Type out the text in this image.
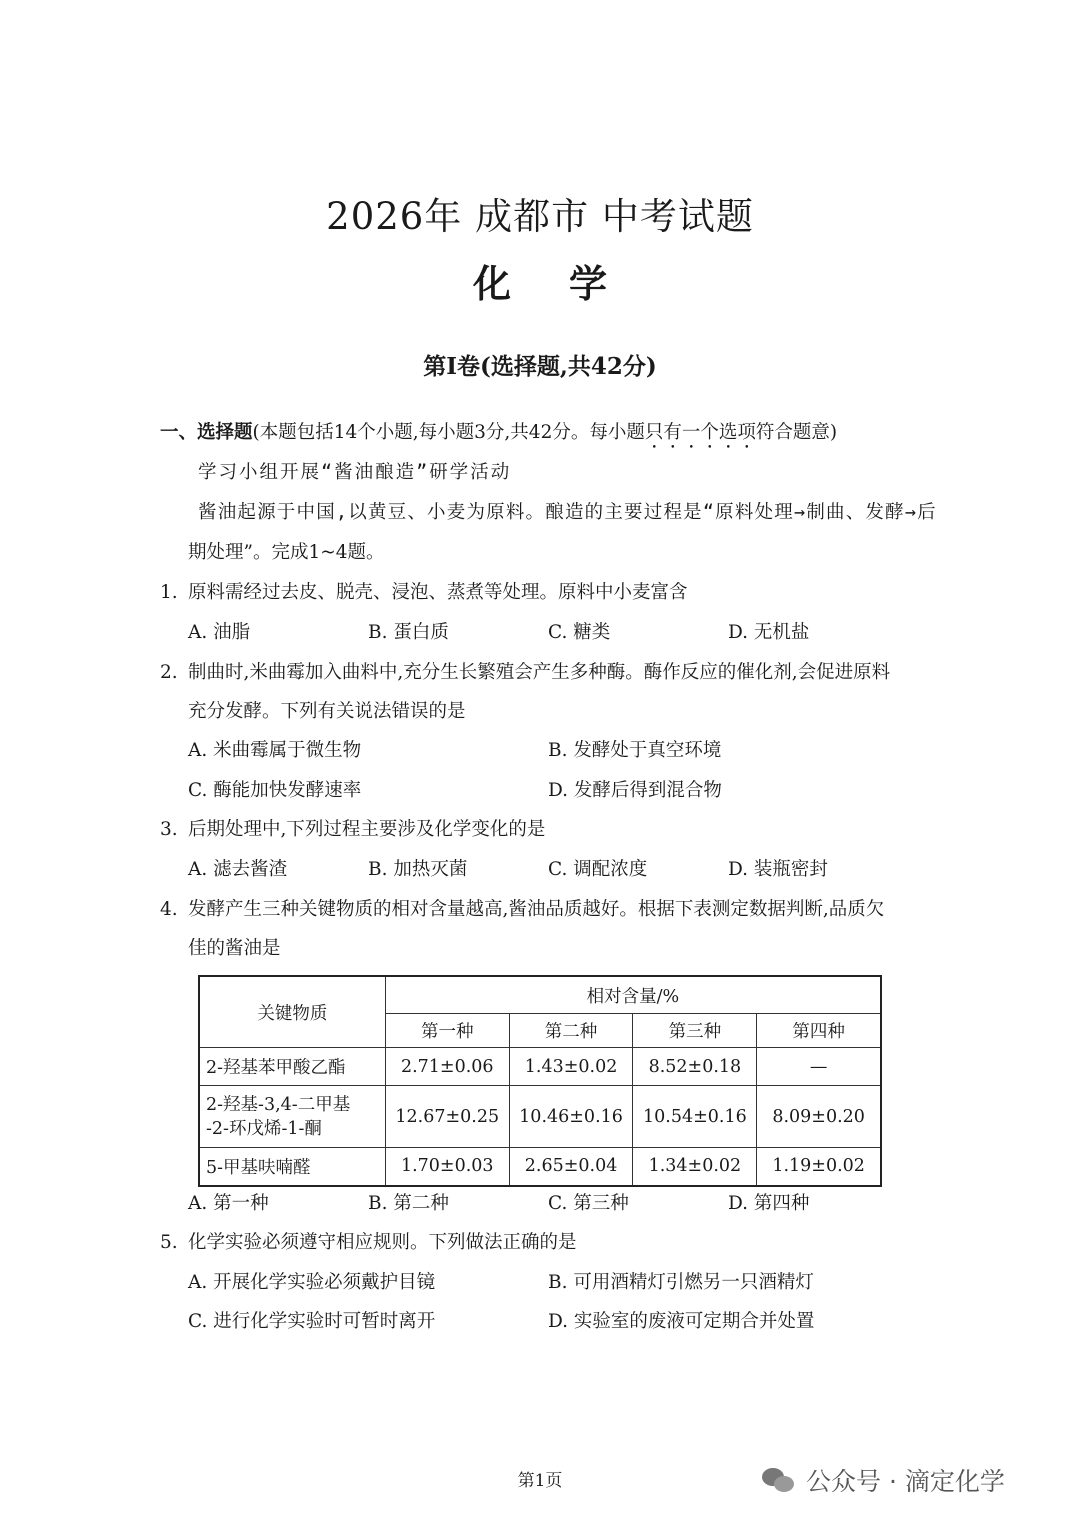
2026年 成都市 中考试题
化学
第Ⅰ卷(选择题,共42分)
一、选择题(本题包括14个小题,每小题3分,共42分。每小题只有一个选项符合题意)
学习小组开展“酱油酿造”研学活动
酱油起源于中国,以黄豆、小麦为原料。酿造的主要过程是“原料处理→制曲、发酵→后
期处理”。完成1~4题。
1. 原料需经过去皮、脱壳、浸泡、蒸煮等处理。原料中小麦富含
A. 油脂	B. 蛋白质	C. 糖类	D. 无机盐
2. 制曲时,米曲霉加入曲料中,充分生长繁殖会产生多种酶。酶作反应的催化剂,会促进原料
充分发酵。下列有关说法错误的是
A. 米曲霉属于微生物	B. 发酵处于真空环境
C. 酶能加快发酵速率	D. 发酵后得到混合物
3. 后期处理中,下列过程主要涉及化学变化的是
A. 滤去酱渣	B. 加热灭菌	C. 调配浓度	D. 装瓶密封
4. 发酵产生三种关键物质的相对含量越高,酱油品质越好。根据下表测定数据判断,品质欠
佳的酱油是
关键物质	相对含量/%			
	第一种	第二种	第三种	第四种
2-羟基苯甲酸乙酯	2.71±0.06	1.43±0.02	8.52±0.18	—

2-羟基-3,4-二甲基
-2-环戊烯-1-酮	12.67±0.25	10.46±0.16	10.54±0.16	8.09±0.20
5-甲基呋喃醛	1.70±0.03	2.65±0.04	1.34±0.02	1.19±0.02
A. 第一种	B. 第二种	C. 第三种	D. 第四种
5. 化学实验必须遵守相应规则。下列做法正确的是
A. 开展化学实验必须戴护目镜	B. 可用酒精灯引燃另一只酒精灯
C. 进行化学实验时可暂时离开	D. 实验室的废液可定期合并处置
第1页	公众号 · 滴定化学
